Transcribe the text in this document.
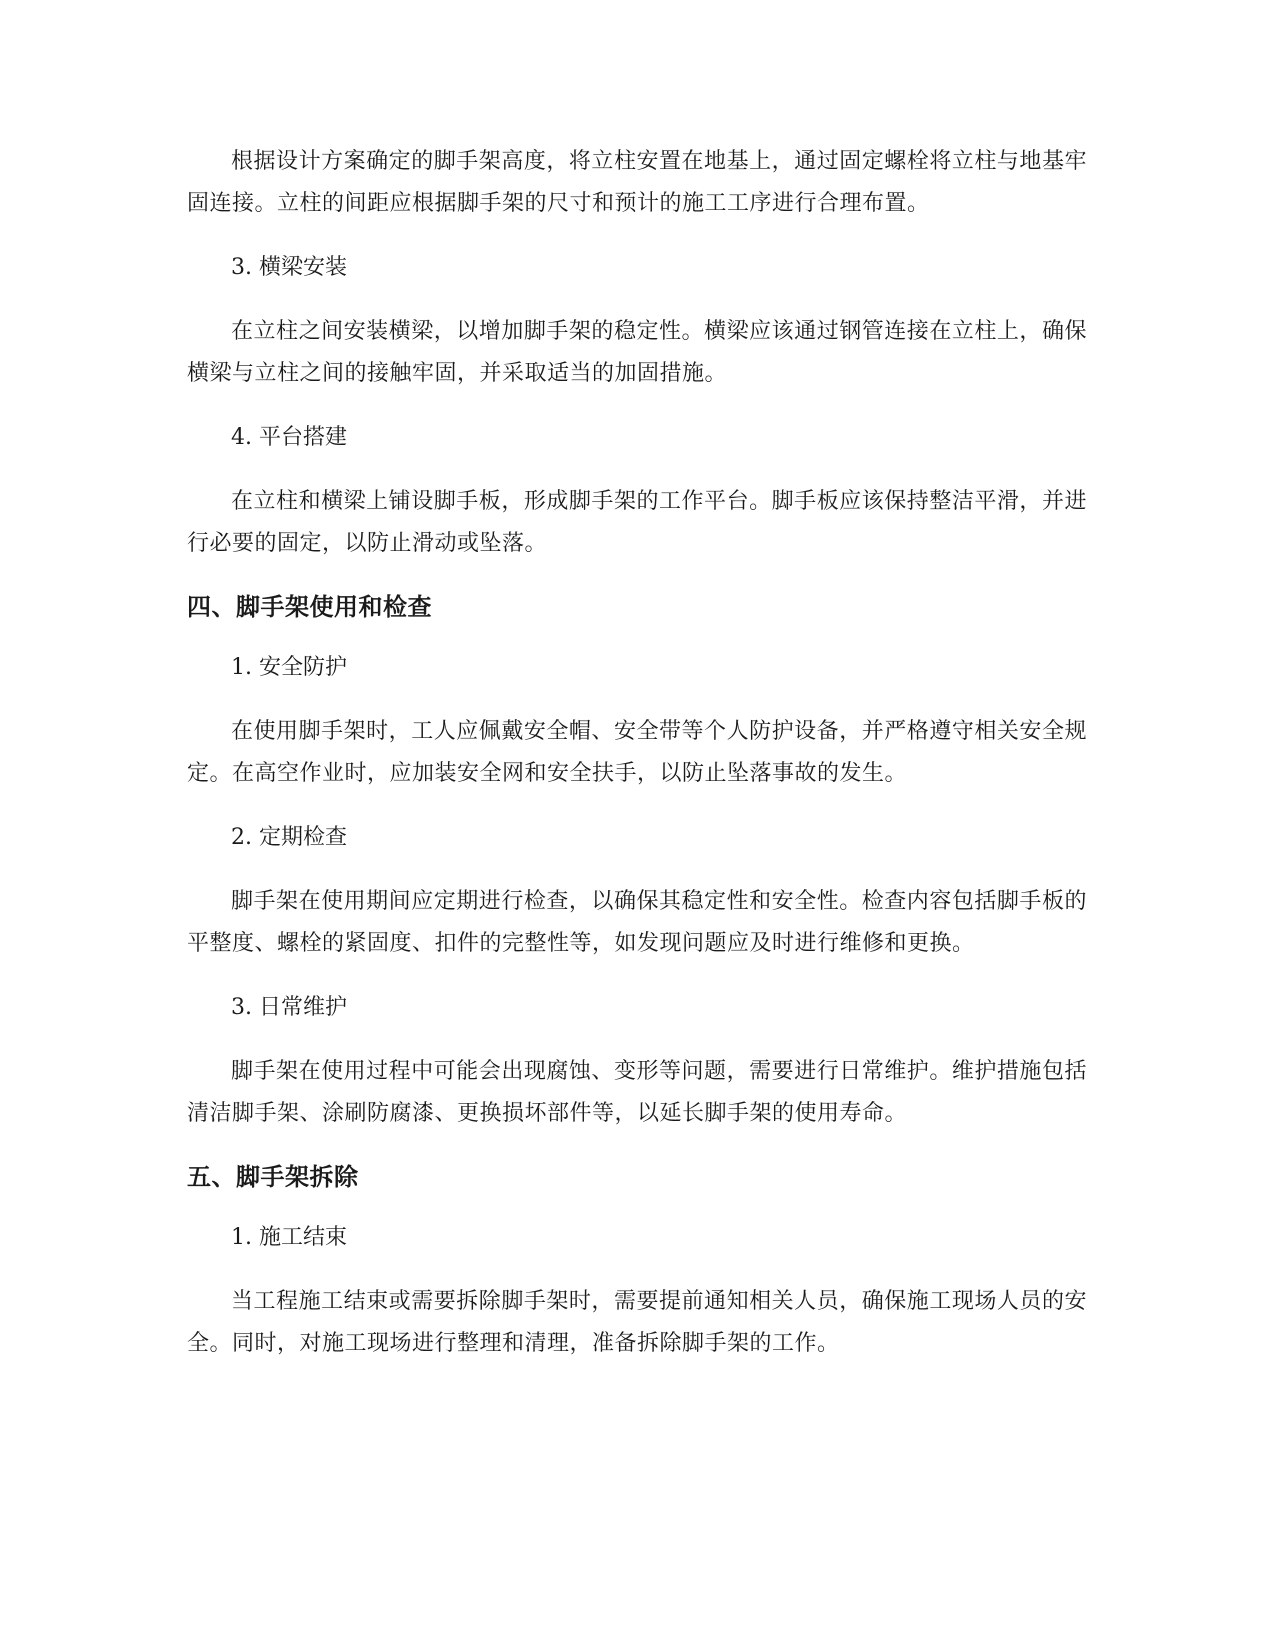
根据设计方案确定的脚手架高度，将立柱安置在地基上，通过固定螺栓将立柱与地基牢固连接。立柱的间距应根据脚手架的尺寸和预计的施工工序进行合理布置。

3. 横梁安装

在立柱之间安装横梁，以增加脚手架的稳定性。横梁应该通过钢管连接在立柱上，确保横梁与立柱之间的接触牢固，并采取适当的加固措施。

4. 平台搭建

在立柱和横梁上铺设脚手板，形成脚手架的工作平台。脚手板应该保持整洁平滑，并进行必要的固定，以防止滑动或坠落。

四、脚手架使用和检查

1. 安全防护

在使用脚手架时，工人应佩戴安全帽、安全带等个人防护设备，并严格遵守相关安全规定。在高空作业时，应加装安全网和安全扶手，以防止坠落事故的发生。

2. 定期检查

脚手架在使用期间应定期进行检查，以确保其稳定性和安全性。检查内容包括脚手板的平整度、螺栓的紧固度、扣件的完整性等，如发现问题应及时进行维修和更换。

3. 日常维护

脚手架在使用过程中可能会出现腐蚀、变形等问题，需要进行日常维护。维护措施包括清洁脚手架、涂刷防腐漆、更换损坏部件等，以延长脚手架的使用寿命。

五、脚手架拆除

1. 施工结束

当工程施工结束或需要拆除脚手架时，需要提前通知相关人员，确保施工现场人员的安全。同时，对施工现场进行整理和清理，准备拆除脚手架的工作。
